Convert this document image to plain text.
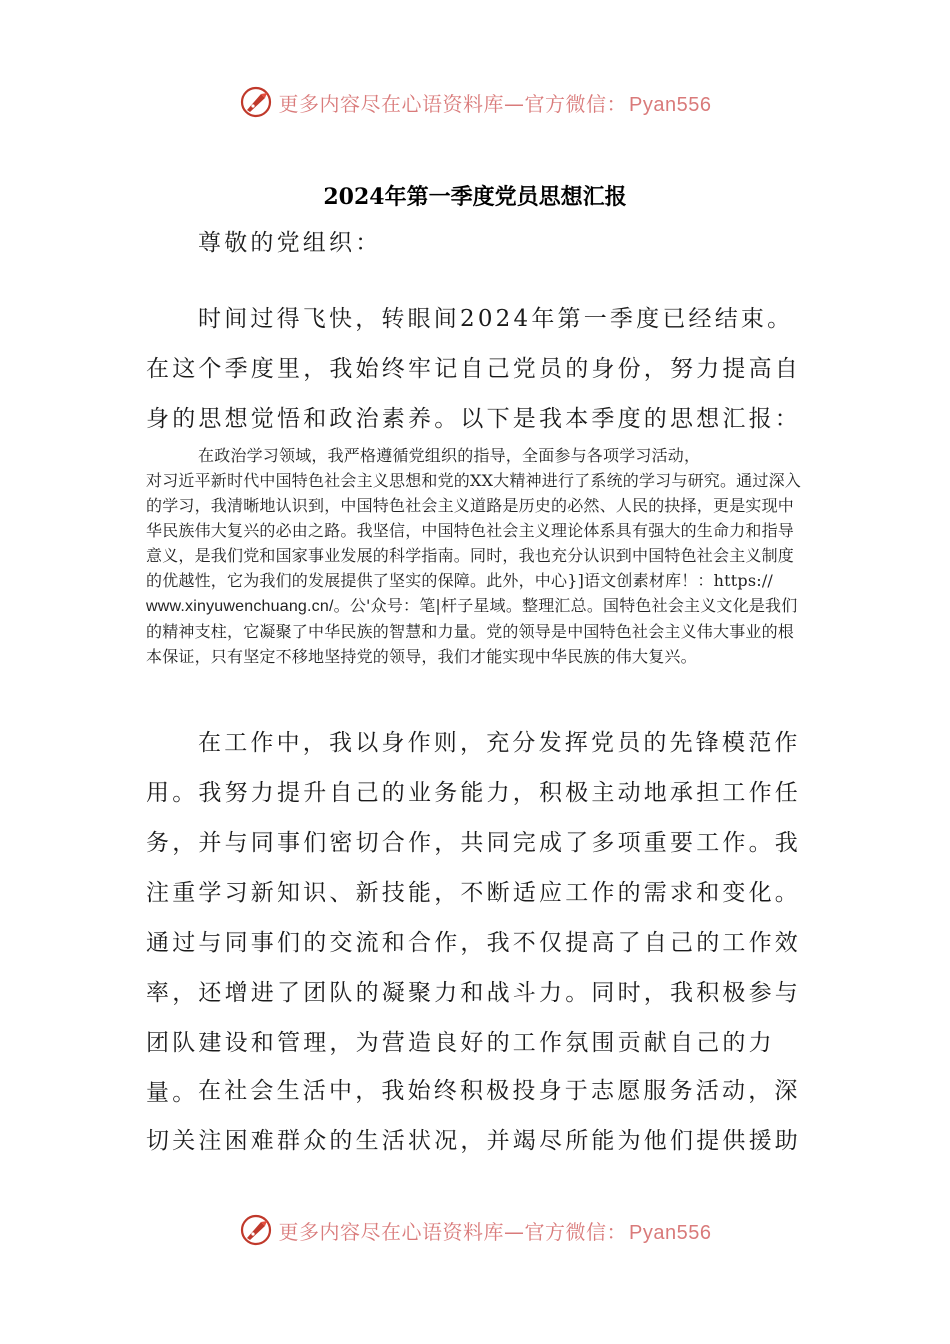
更多内容尽在心语资料库—官方微信： Pyan556
2024年第一季度党员思想汇报

尊敬的党组织：

时间过得飞快，转眼间2024年第一季度已经结束。在这个季度里，我始终牢记自己党员的身份，努力提高自身的思想觉悟和政治素养。以下是我本季度的思想汇报：

在政治学习领域，我严格遵循党组织的指导，全面参与各项学习活动，
对习近平新时代中国特色社会主义思想和党的XX大精神进行了系统的学习与研究。通过深入的学习，我清晰地认识到，中国特色社会主义道路是历史的必然、人民的抉择，更是实现中华民族伟大复兴的必由之路。我坚信，中国特色社会主义理论体系具有强大的生命力和指导意义，是我们党和国家事业发展的科学指南。同时，我也充分认识到中国特色社会主义制度的优越性，它为我们的发展提供了坚实的保障。此外，中心}]语文创素材库！：https://
www.xinyuwenchuang.cn/。公'众号：笔|杆子星域。整理汇总。国特色社会主义文化是我们的精神支柱，它凝聚了中华民族的智慧和力量。党的领导是中国特色社会主义伟大事业的根本保证，只有坚定不移地坚持党的领导，我们才能实现中华民族的伟大复兴。

在工作中，我以身作则，充分发挥党员的先锋模范作用。我努力提升自己的业务能力，积极主动地承担工作任务，并与同事们密切合作，共同完成了多项重要工作。我注重学习新知识、新技能，不断适应工作的需求和变化。通过与同事们的交流和合作，我不仅提高了自己的工作效率，还增进了团队的凝聚力和战斗力。同时，我积极参与团队建设和管理，为营造良好的工作氛围贡献自己的力量。 在社会生活中，我始终积极投身于志愿服务活动，深切关注困难群众的生活状况，并竭尽所能为他们提供援助

更多内容尽在心语资料库—官方微信： Pyan556
